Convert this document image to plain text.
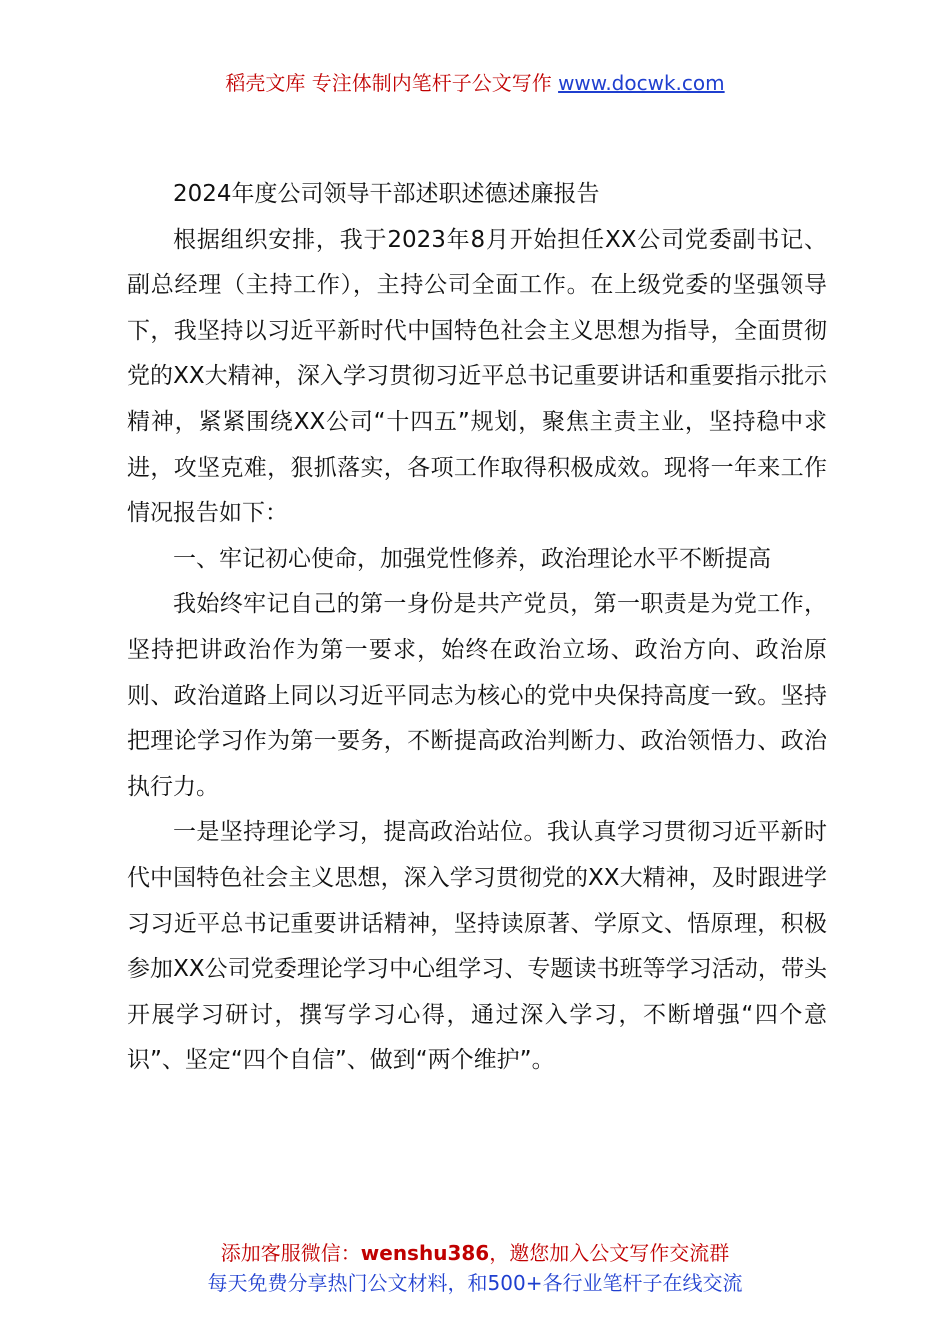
稻壳文库 专注体制内笔杆子公文写作 www.docwk.com

2024年度公司领导干部述职述德述廉报告

根据组织安排，我于2023年8月开始担任XX公司党委副书记、副总经理（主持工作），主持公司全面工作。在上级党委的坚强领导下，我坚持以习近平新时代中国特色社会主义思想为指导，全面贯彻党的XX大精神，深入学习贯彻习近平总书记重要讲话和重要指示批示精神，紧紧围绕XX公司“十四五”规划，聚焦主责主业，坚持稳中求进，攻坚克难，狠抓落实，各项工作取得积极成效。现将一年来工作情况报告如下：

一、牢记初心使命，加强党性修养，政治理论水平不断提高

我始终牢记自己的第一身份是共产党员，第一职责是为党工作，坚持把讲政治作为第一要求，始终在政治立场、政治方向、政治原则、政治道路上同以习近平同志为核心的党中央保持高度一致。坚持把理论学习作为第一要务，不断提高政治判断力、政治领悟力、政治执行力。

一是坚持理论学习，提高政治站位。我认真学习贯彻习近平新时代中国特色社会主义思想，深入学习贯彻党的XX大精神，及时跟进学习习近平总书记重要讲话精神，坚持读原著、学原文、悟原理，积极参加XX公司党委理论学习中心组学习、专题读书班等学习活动，带头开展学习研讨，撰写学习心得，通过深入学习，不断增强“四个意识”、坚定“四个自信”、做到“两个维护”。

添加客服微信：wenshu386，邀您加入公文写作交流群
每天免费分享热门公文材料，和500+各行业笔杆子在线交流
